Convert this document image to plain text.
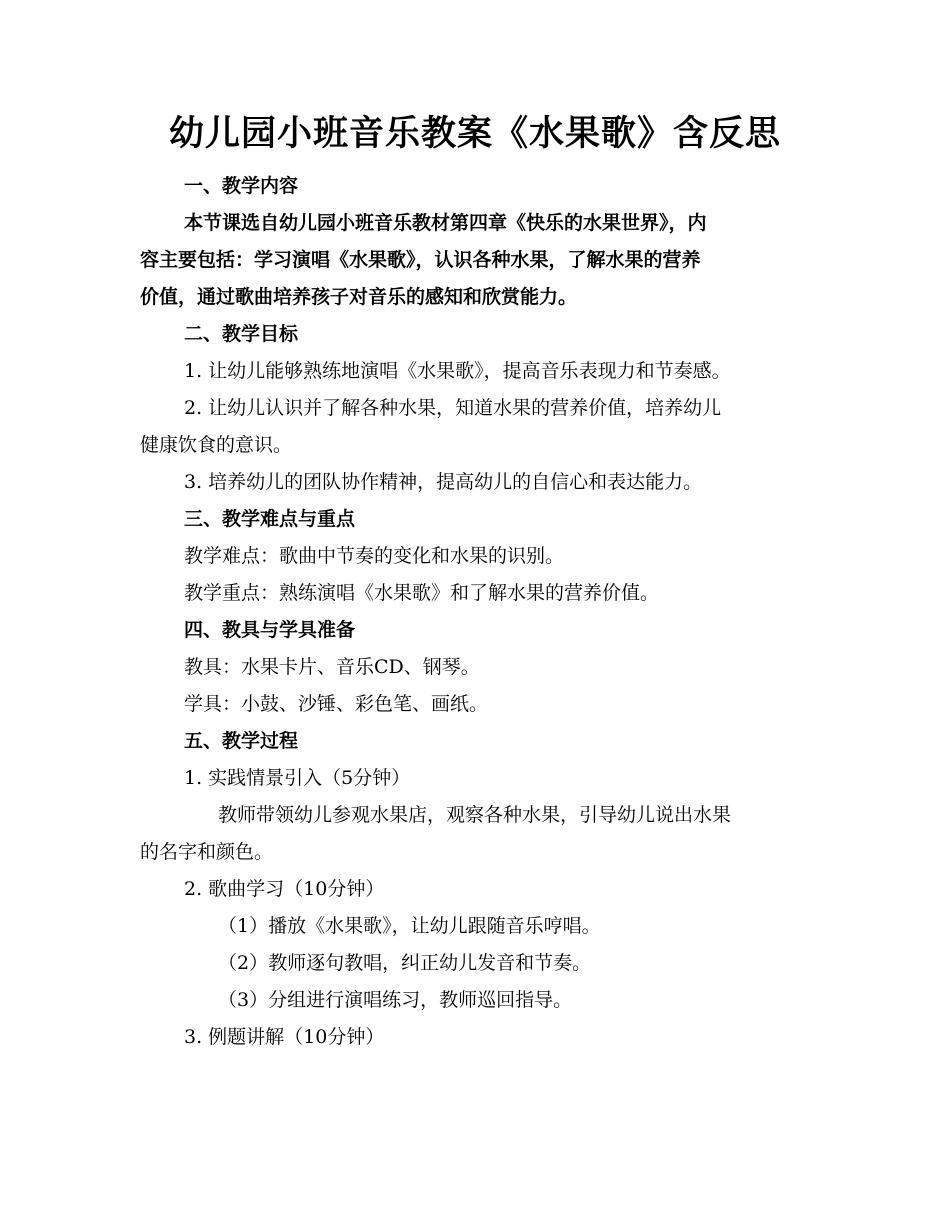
幼儿园小班音乐教案《水果歌》含反思
一、教学内容
本节课选自幼儿园小班音乐教材第四章《快乐的水果世界》，内
容主要包括：学习演唱《水果歌》，认识各种水果，了解水果的营养
价值，通过歌曲培养孩子对音乐的感知和欣赏能力。
二、教学目标
1. 让幼儿能够熟练地演唱《水果歌》，提高音乐表现力和节奏感。
2. 让幼儿认识并了解各种水果，知道水果的营养价值，培养幼儿
健康饮食的意识。
3. 培养幼儿的团队协作精神，提高幼儿的自信心和表达能力。
三、教学难点与重点
教学难点：歌曲中节奏的变化和水果的识别。
教学重点：熟练演唱《水果歌》和了解水果的营养价值。
四、教具与学具准备
教具：水果卡片、音乐CD、钢琴。
学具：小鼓、沙锤、彩色笔、画纸。
五、教学过程
1. 实践情景引入（5分钟）
教师带领幼儿参观水果店，观察各种水果，引导幼儿说出水果
的名字和颜色。
2. 歌曲学习（10分钟）
（1）播放《水果歌》，让幼儿跟随音乐哼唱。
（2）教师逐句教唱，纠正幼儿发音和节奏。
（3）分组进行演唱练习，教师巡回指导。
3. 例题讲解（10分钟）
